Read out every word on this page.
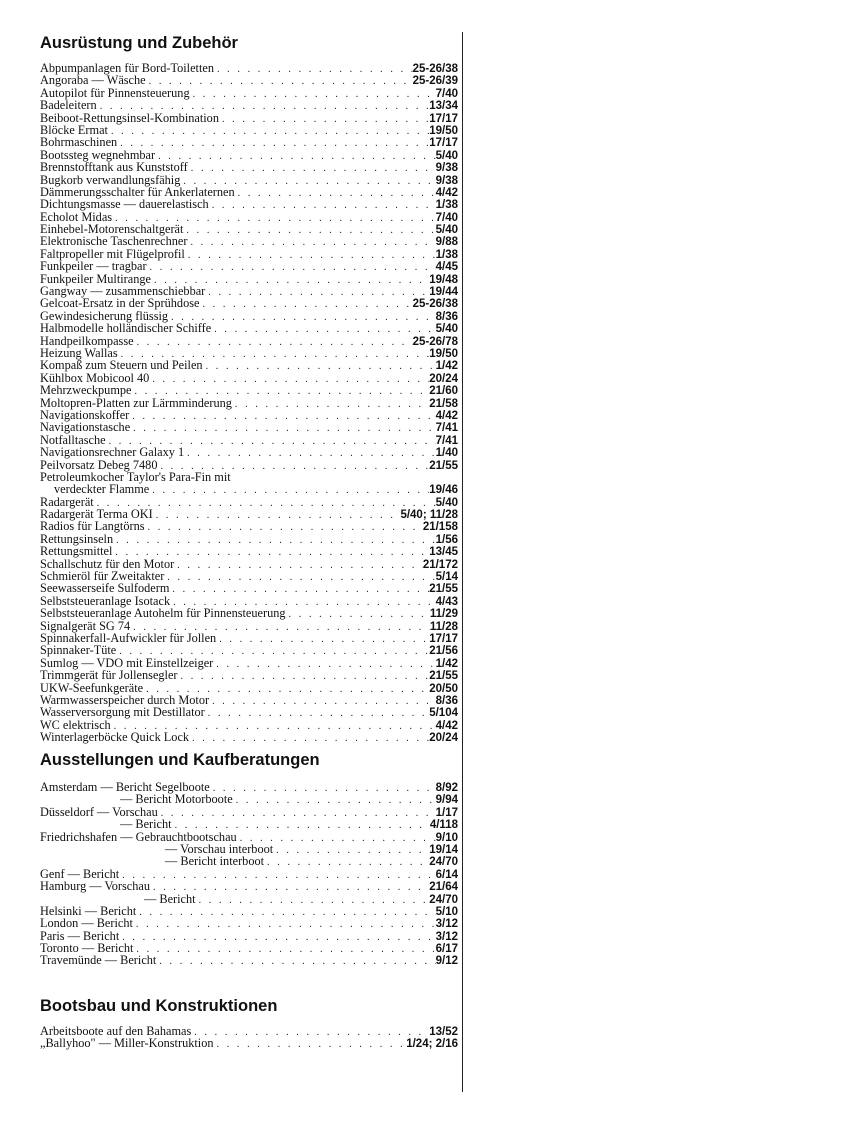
Ausrüstung und Zubehör
Abpumpanlagen für Bord-Toiletten . . .	25-26/38
Angoraba — Wäsche . . .	25-26/39
Autopilot für Pinnensteuerung . . .	7/40
Badeleitern . . .	13/34
Beiboot-Rettungsinsel-Kombination . . .	17/17
Blöcke Ermat . . .	19/50
Bohrmaschinen . . .	17/17
Bootssteg wegnehmbar . . .	5/40
Brennstofftank aus Kunststoff . . .	9/38
Bugkorb verwandlungsfähig . . .	9/38
Dämmerungsschalter für Ankerlaternen . . .	4/42
Dichtungsmasse — dauerelastisch . . .	1/38
Echolot Midas . . .	7/40
Einhebel-Motorenschaltgerät . . .	5/40
Elektronische Taschenrechner . . .	9/88
Faltpropeller mit Flügelprofil . . .	1/38
Funkpeiler — tragbar . . .	4/45
Funkpeiler Multirange . . .	19/48
Gangway — zusammenschiebbar . . .	19/44
Gelcoat-Ersatz in der Sprühdose . . .	25-26/38
Gewindesicherung flüssig . . .	8/36
Halbmodelle holländischer Schiffe . . .	5/40
Handpeilkompasse . . .	25-26/78
Heizung Wallas . . .	19/50
Kompaß zum Steuern und Peilen . . .	1/42
Kühlbox Mobicool 40 . . .	20/24
Mehrzweckpumpe . . .	21/60
Moltopren-Platten zur Lärmminderung . . .	21/58
Navigationskoffer . . .	4/42
Navigationstasche . . .	7/41
Notfalltasche . . .	7/41
Navigationsrechner Galaxy 1 . . .	1/40
Peilvorsatz Debeg 7480 . . .	21/55
Petroleumkocher Taylor's Para-Fin mit
verdeckter Flamme . . .	19/46
Radargerät . . .	5/40
Radargerät Terma OKI . . .	5/40; 11/28
Radios für Langtörns . . .	21/158
Rettungsinseln . . .	1/56
Rettungsmittel . . .	13/45
Schallschutz für den Motor . . .	21/172
Schmieröl für Zweitakter . . .	5/14
Seewasserseife Sulfoderm . . .	21/55
Selbststeueranlage Isotack . . .	4/43
Selbststeueranlage Autohelm für Pinnensteuerung . . .	11/29
Signalgerät SG 74 . . .	11/28
Spinnakerfall-Aufwickler für Jollen . . .	17/17
Spinnaker-Tüte . . .	21/56
Sumlog — VDO mit Einstellzeiger . . .	1/42
Trimmgerät für Jollensegler . . .	21/55
UKW-Seefunkgeräte . . .	20/50
Warmwasserspeicher durch Motor . . .	8/36
Wasserversorgung mit Destillator . . .	5/104
WC elektrisch . . .	4/42
Winterlagerböcke Quick Lock . . .	20/24
Ausstellungen und Kaufberatungen
Amsterdam — Bericht Segelboote . . .	8/92
— Bericht Motorboote . . .	9/94
Düsseldorf — Vorschau . . .	1/17
— Bericht . . .	4/118
Friedrichshafen — Gebrauchtbootschau . . .	9/10
— Vorschau interboot . . .	19/14
— Bericht interboot . . .	24/70
Genf — Bericht . . .	6/14
Hamburg — Vorschau . . .	21/64
— Bericht . . .	24/70
Helsinki — Bericht . . .	5/10
London — Bericht . . .	3/12
Paris — Bericht . . .	3/12
Toronto — Bericht . . .	6/17
Travemünde — Bericht . . .	9/12
Bootsbau und Konstruktionen
Arbeitsboote auf den Bahamas . . .	13/52
„Ballyhoo" — Miller-Konstruktion . . .	1/24; 2/16
